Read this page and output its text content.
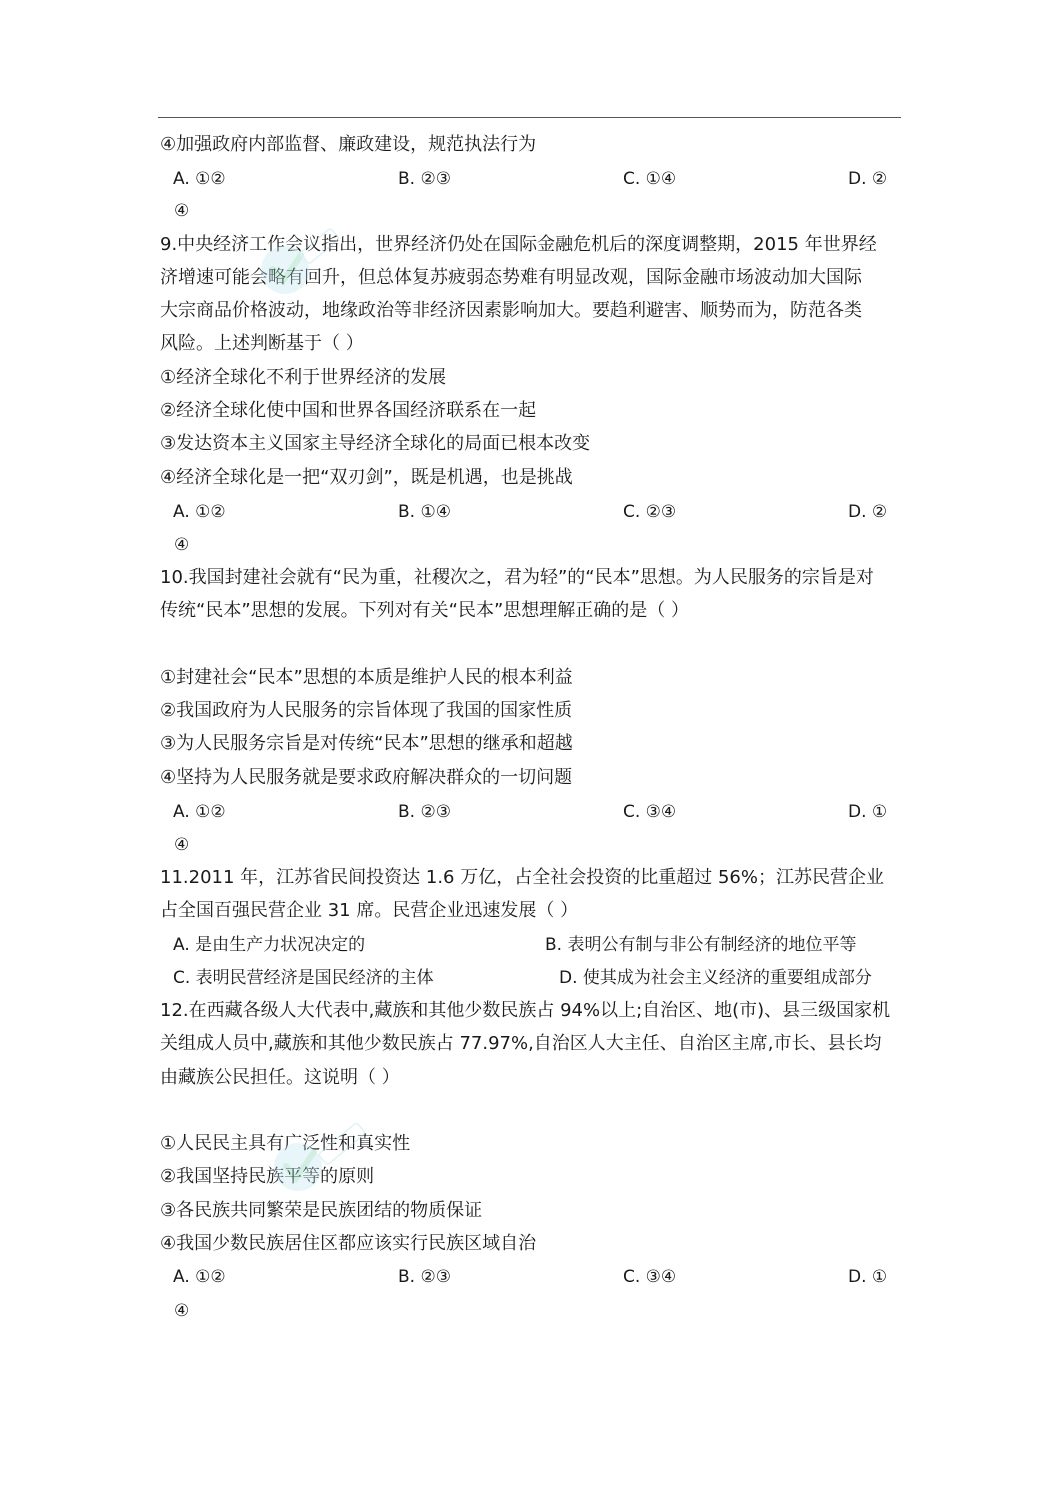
④加强政府内部监督、廉政建设，规范执法行为
A. ①②	B. ②③	C. ①④	D. ②
④
9.中央经济工作会议指出，世界经济仍处在国际金融危机后的深度调整期，2015 年世界经
济增速可能会略有回升，但总体复苏疲弱态势难有明显改观，国际金融市场波动加大国际
大宗商品价格波动，地缘政治等非经济因素影响加大。要趋利避害、顺势而为，防范各类
风险。上述判断基于（ ）
①经济全球化不利于世界经济的发展
②经济全球化使中国和世界各国经济联系在一起
③发达资本主义国家主导经济全球化的局面已根本改变
④经济全球化是一把“双刃剑”，既是机遇，也是挑战
A. ①②	B. ①④	C. ②③	D. ②
④
10.我国封建社会就有“民为重，社稷次之，君为轻”的“民本”思想。为人民服务的宗旨是对
传统“民本”思想的发展。下列对有关“民本”思想理解正确的是（ ）
①封建社会“民本”思想的本质是维护人民的根本利益
②我国政府为人民服务的宗旨体现了我国的国家性质
③为人民服务宗旨是对传统“民本”思想的继承和超越
④坚持为人民服务就是要求政府解决群众的一切问题
A. ①②	B. ②③	C. ③④	D. ①
④
11.2011 年，江苏省民间投资达 1.6 万亿，占全社会投资的比重超过 56%；江苏民营企业
占全国百强民营企业 31 席。民营企业迅速发展（ ）
A. 是由生产力状况决定的	B. 表明公有制与非公有制经济的地位平等
C. 表明民营经济是国民经济的主体	D. 使其成为社会主义经济的重要组成部分
12.在西藏各级人大代表中,藏族和其他少数民族占 94%以上;自治区、地(市)、县三级国家机
关组成人员中,藏族和其他少数民族占 77.97%,自治区人大主任、自治区主席,市长、县长均
由藏族公民担任。这说明（ ）
①人民民主具有广泛性和真实性
②我国坚持民族平等的原则
③各民族共同繁荣是民族团结的物质保证
④我国少数民族居住区都应该实行民族区域自治
A. ①②	B. ②③	C. ③④	D. ①
④
